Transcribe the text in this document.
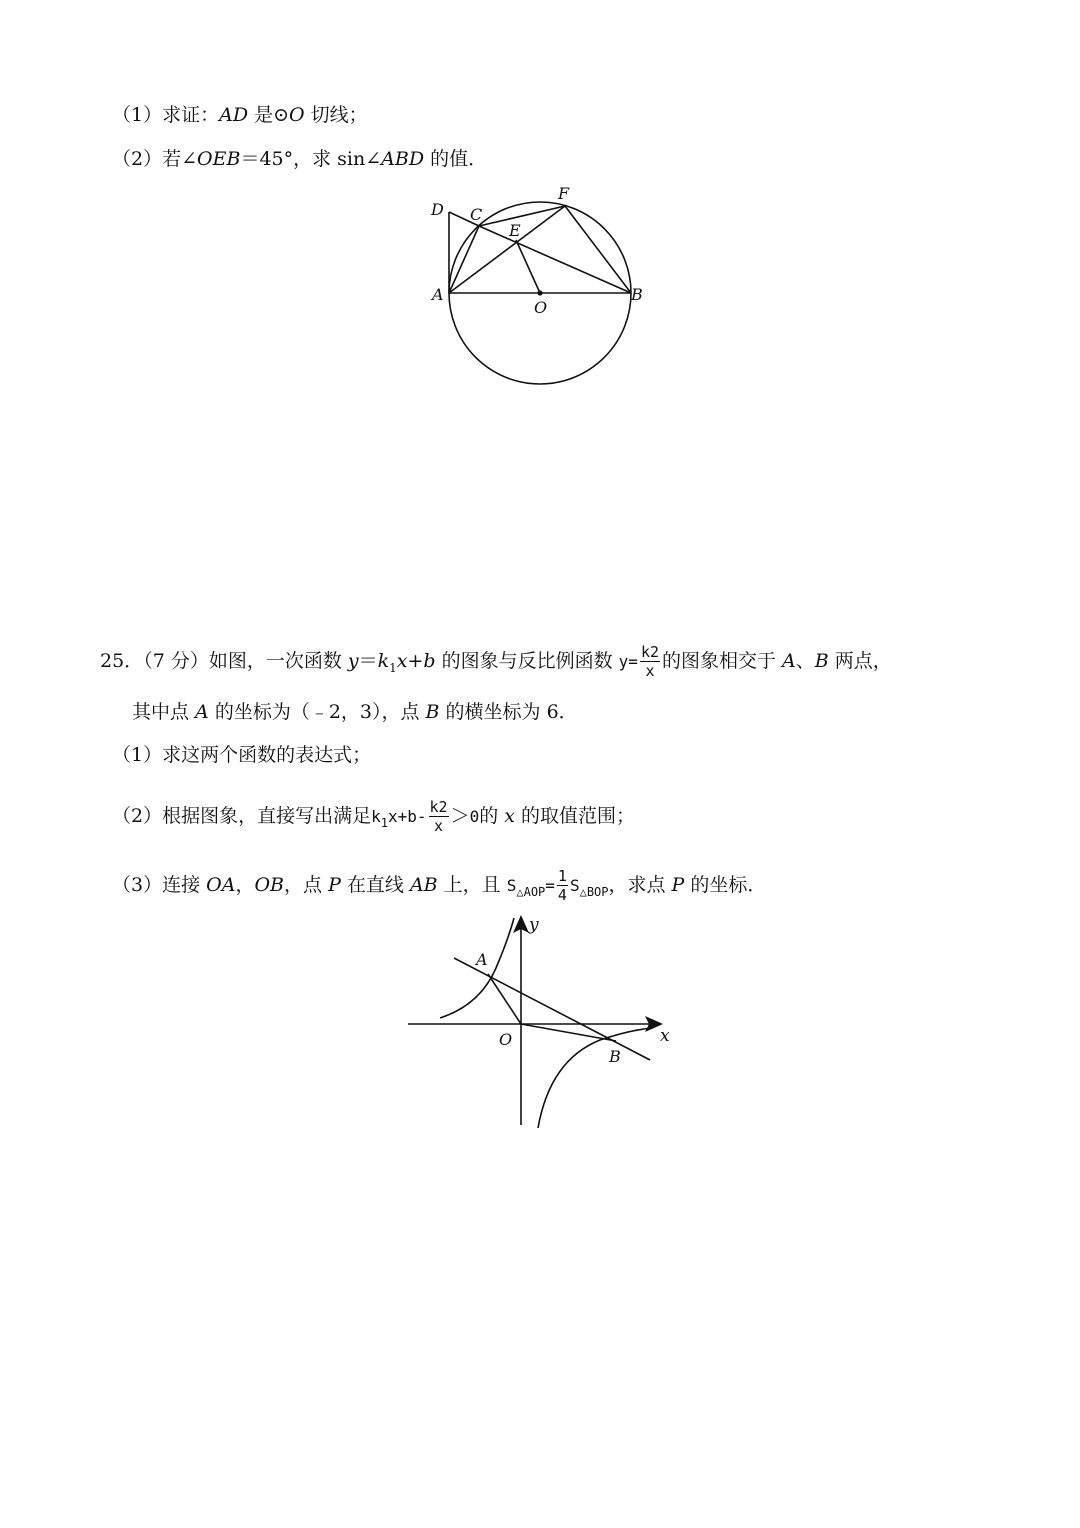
（1）求证：AD 是⊙O 切线；
（2）若∠OEB＝45°，求 sin∠ABD 的值．
D C
F
E
A
O
B
25．（7 分）如图，一次函数 $y=k_1x+b$ 的图象与反比例函数 $y= \frac{k2}{x}$ 的图象相交于 A、B 两点，
其中点 A 的坐标为（﹣2，3），点 B 的横坐标为 6．
（1）求这两个函数的表达式；
（2）根据图象，直接写出满足$k_1x+b- \frac{k2}{x} >0$的 x 的取值范围；
（3）连接 OA，OB，点 P 在直线 AB 上，且 $S_{\triangle AOP}= \frac{1}{4} S_{\triangle BOP}$，求点 P 的坐标．
y
x
A
O
B
